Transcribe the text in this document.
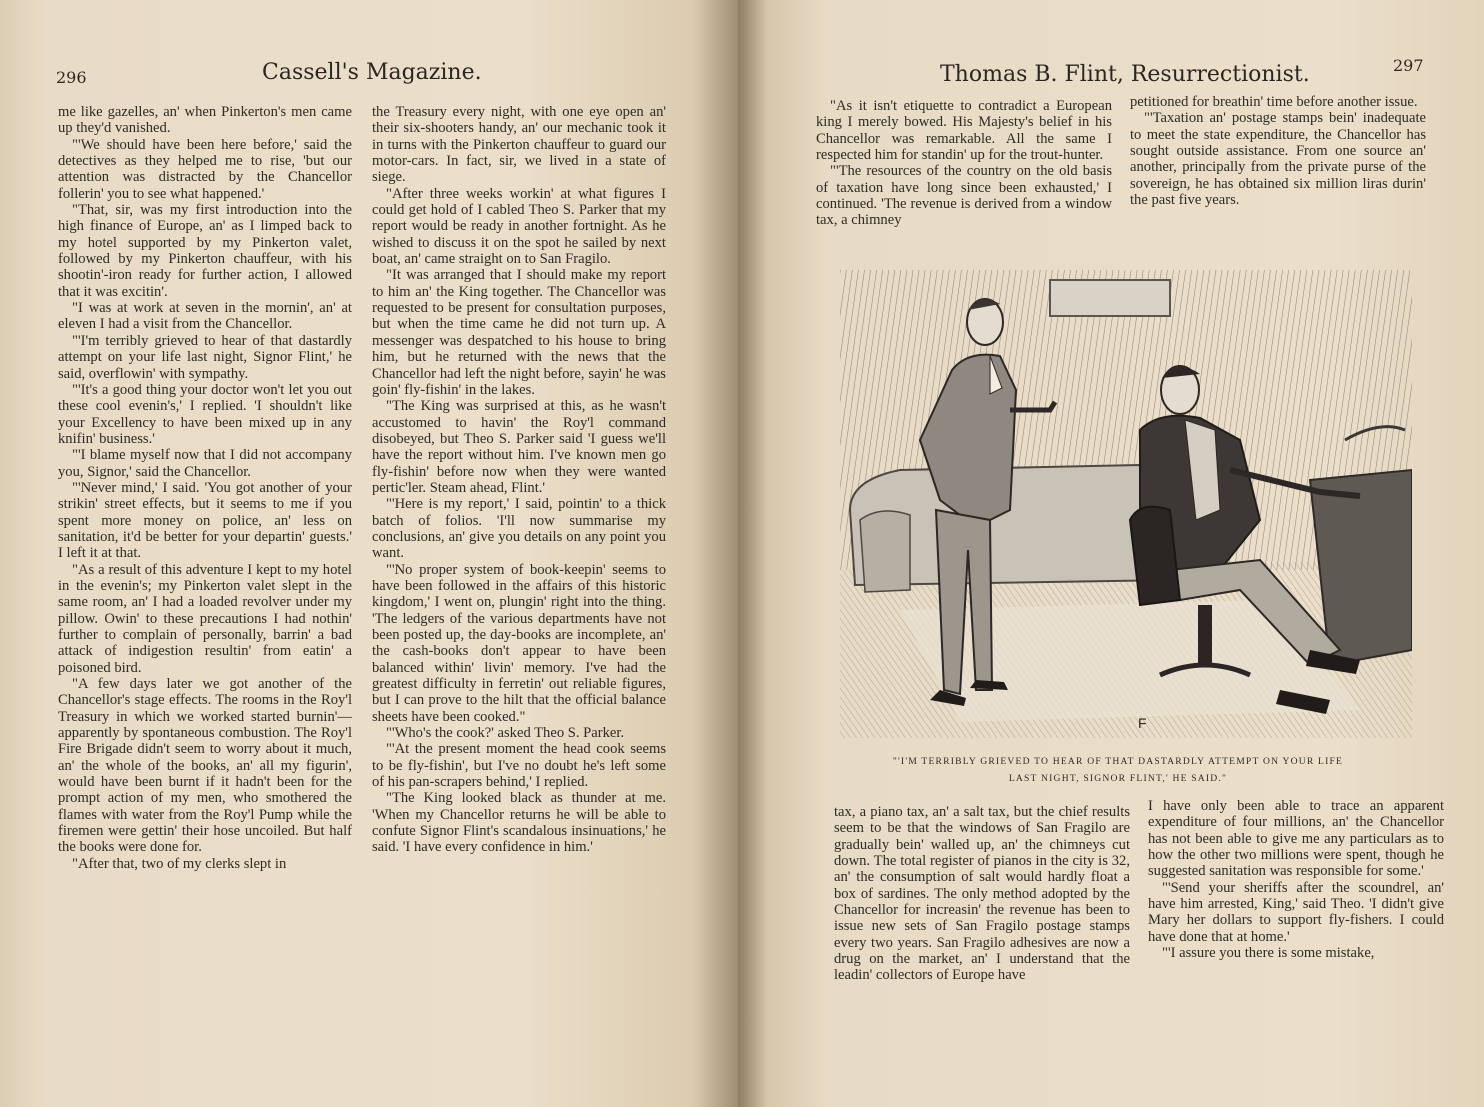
296	Cassell's Magazine.

me like gazelles, an' when Pinkerton's men came up they'd vanished.

"'We should have been here before,' said the detectives as they helped me to rise, 'but our attention was distracted by the Chancellor follerin' you to see what happened.'

"That, sir, was my first introduction into the high finance of Europe, an' as I limped back to my hotel supported by my Pinkerton valet, followed by my Pinkerton chauffeur, with his shootin'-iron ready for further action, I allowed that it was excitin'.

"I was at work at seven in the mornin', an' at eleven I had a visit from the Chancellor.

"'I'm terribly grieved to hear of that dastardly attempt on your life last night, Signor Flint,' he said, overflowin' with sympathy.

"'It's a good thing your doctor won't let you out these cool evenin's,' I replied. 'I shouldn't like your Excellency to have been mixed up in any knifin' business.'

"'I blame myself now that I did not accompany you, Signor,' said the Chancellor.

"'Never mind,' I said. 'You got another of your strikin' street effects, but it seems to me if you spent more money on police, an' less on sanitation, it'd be better for your departin' guests.' I left it at that.

"As a result of this adventure I kept to my hotel in the evenin's; my Pinkerton valet slept in the same room, an' I had a loaded revolver under my pillow. Owin' to these precautions I had nothin' further to complain of personally, barrin' a bad attack of indigestion resultin' from eatin' a poisoned bird.

"A few days later we got another of the Chancellor's stage effects. The rooms in the Roy'l Treasury in which we worked started burnin'—apparently by spontaneous combustion. The Roy'l Fire Brigade didn't seem to worry about it much, an' the whole of the books, an' all my figurin', would have been burnt if it hadn't been for the prompt action of my men, who smothered the flames with water from the Roy'l Pump while the firemen were gettin' their hose uncoiled. But half the books were done for.

"After that, two of my clerks slept in

the Treasury every night, with one eye open an' their six-shooters handy, an' our mechanic took it in turns with the Pinkerton chauffeur to guard our motor-cars. In fact, sir, we lived in a state of siege.

"After three weeks workin' at what figures I could get hold of I cabled Theo S. Parker that my report would be ready in another fortnight. As he wished to discuss it on the spot he sailed by next boat, an' came straight on to San Fragilo.

"It was arranged that I should make my report to him an' the King together. The Chancellor was requested to be present for consultation purposes, but when the time came he did not turn up. A messenger was despatched to his house to bring him, but he returned with the news that the Chancellor had left the night before, sayin' he was goin' fly-fishin' in the lakes.

"The King was surprised at this, as he wasn't accustomed to havin' the Roy'l command disobeyed, but Theo S. Parker said 'I guess we'll have the report without him. I've known men go fly-fishin' before now when they were wanted pertic'ler. Steam ahead, Flint.'

"'Here is my report,' I said, pointin' to a thick batch of folios. 'I'll now summarise my conclusions, an' give you details on any point you want.

"'No proper system of book-keepin' seems to have been followed in the affairs of this historic kingdom,' I went on, plungin' right into the thing. 'The ledgers of the various departments have not been posted up, the day-books are incomplete, an' the cash-books don't appear to have been balanced within' livin' memory. I've had the greatest difficulty in ferretin' out reliable figures, but I can prove to the hilt that the official balance sheets have been cooked."

"'Who's the cook?' asked Theo S. Parker.

"'At the present moment the head cook seems to be fly-fishin', but I've no doubt he's left some of his pan-scrapers behind,' I replied.

"The King looked black as thunder at me. 'When my Chancellor returns he will be able to confute Signor Flint's scandalous insinuations,' he said. 'I have every confidence in him.'

Thomas B. Flint, Resurrectionist.	297

"As it isn't etiquette to contradict a European king I merely bowed. His Majesty's belief in his Chancellor was remarkable. All the same I respected him for standin' up for the trout-hunter.

"'The resources of the country on the old basis of taxation have long since been exhausted,' I continued. 'The revenue is derived from a window tax, a chimney

petitioned for breathin' time before another issue.

"'Taxation an' postage stamps bein' inadequate to meet the state expenditure, the Chancellor has sought outside assistance. From one source an' another, principally from the private purse of the sovereign, he has obtained six million liras durin' the past five years.

F
"'I'M TERRIBLY GRIEVED TO HEAR OF THAT DASTARDLY ATTEMPT ON YOUR LIFE
LAST NIGHT, SIGNOR FLINT,' HE SAID."

tax, a piano tax, an' a salt tax, but the chief results seem to be that the windows of San Fragilo are gradually bein' walled up, an' the chimneys cut down. The total register of pianos in the city is 32, an' the consumption of salt would hardly float a box of sardines. The only method adopted by the Chancellor for increasin' the revenue has been to issue new sets of San Fragilo postage stamps every two years. San Fragilo adhesives are now a drug on the market, an' I understand that the leadin' collectors of Europe have

I have only been able to trace an apparent expenditure of four millions, an' the Chancellor has not been able to give me any particulars as to how the other two millions were spent, though he suggested sanitation was responsible for some.'

"'Send your sheriffs after the scoundrel, an' have him arrested, King,' said Theo. 'I didn't give Mary her dollars to support fly-fishers. I could have done that at home.'

"'I assure you there is some mistake,
